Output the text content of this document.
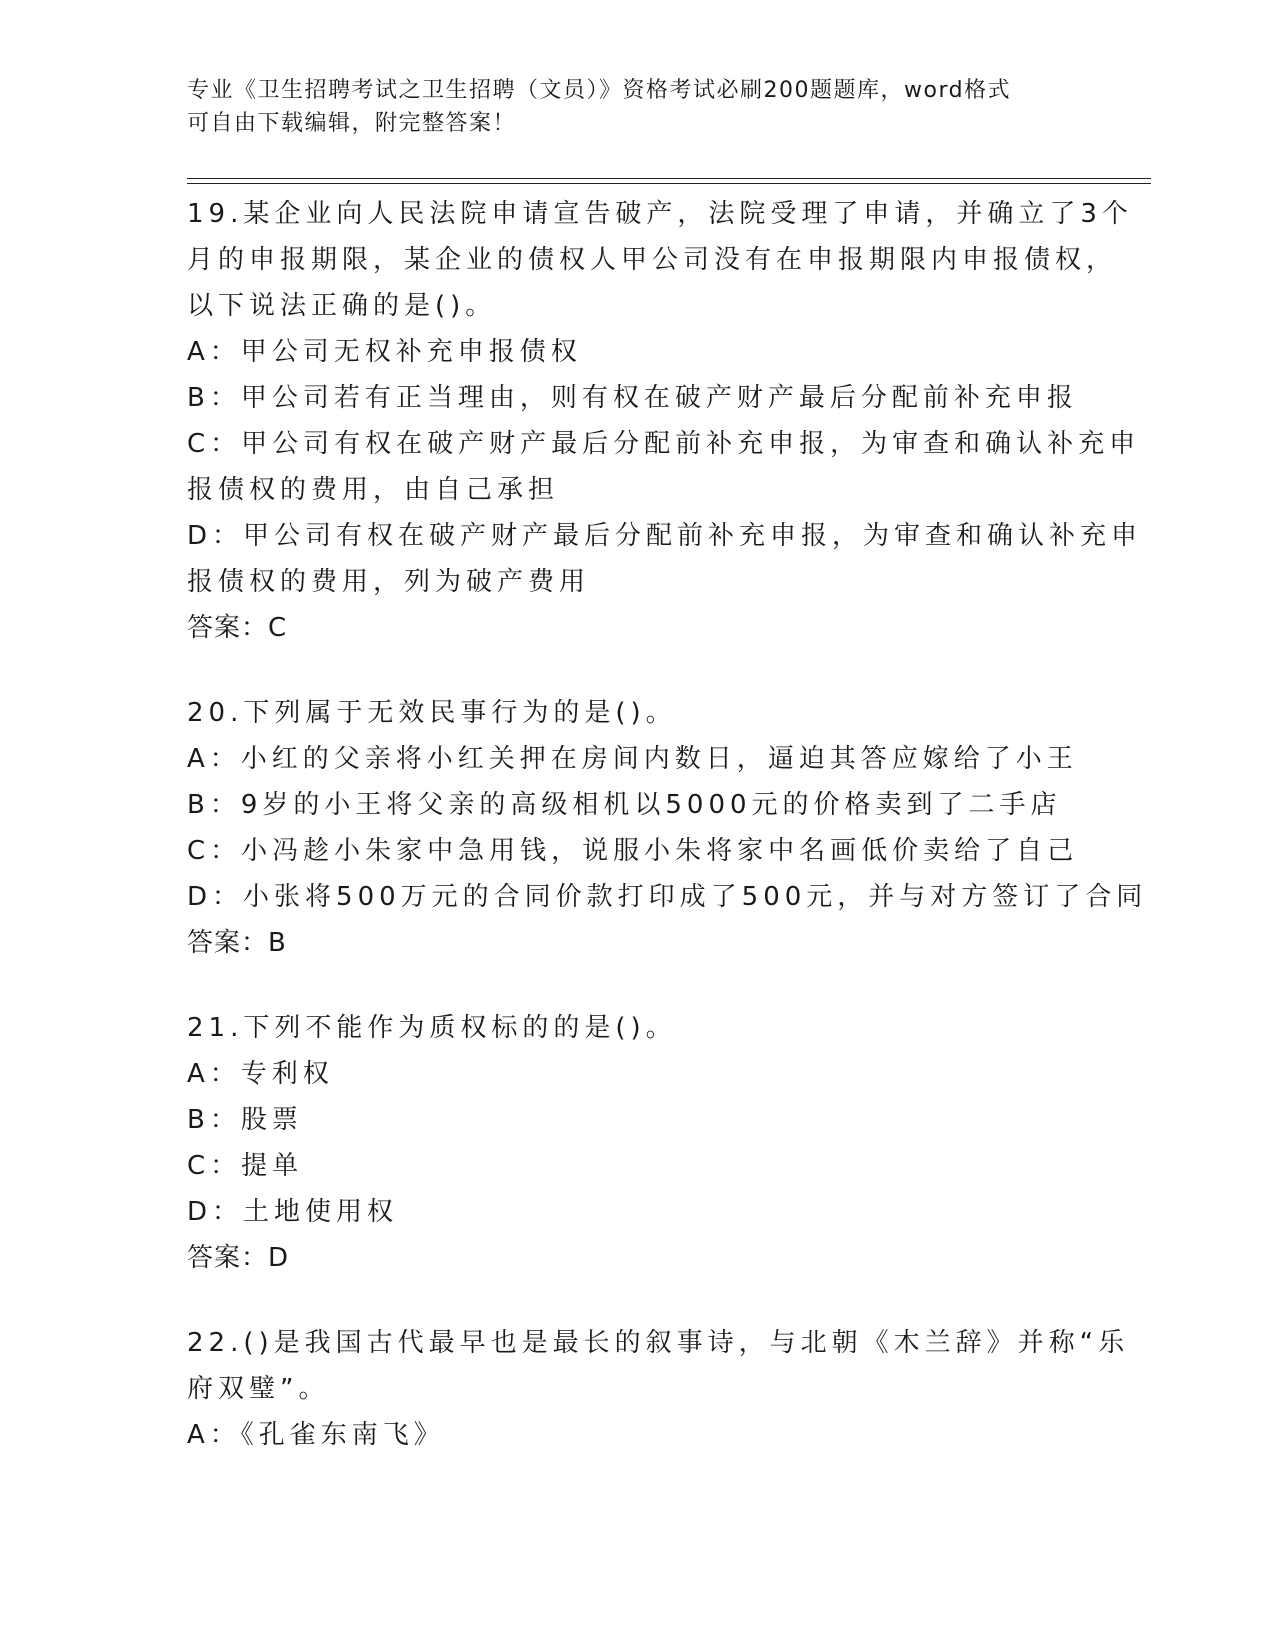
专业《卫生招聘考试之卫生招聘（文员）》资格考试必刷200题题库，word格式
可自由下载编辑，附完整答案！
19.某企业向人民法院申请宣告破产，法院受理了申请，并确立了3个
月的申报期限，某企业的债权人甲公司没有在申报期限内申报债权，
以下说法正确的是()。
A：甲公司无权补充申报债权
B：甲公司若有正当理由，则有权在破产财产最后分配前补充申报
C：甲公司有权在破产财产最后分配前补充申报，为审查和确认补充申
报债权的费用，由自己承担
D：甲公司有权在破产财产最后分配前补充申报，为审查和确认补充申
报债权的费用，列为破产费用
答案：C
20.下列属于无效民事行为的是()。
A：小红的父亲将小红关押在房间内数日，逼迫其答应嫁给了小王
B：9岁的小王将父亲的高级相机以5000元的价格卖到了二手店
C：小冯趁小朱家中急用钱，说服小朱将家中名画低价卖给了自己
D：小张将500万元的合同价款打印成了500元，并与对方签订了合同
答案：B
21.下列不能作为质权标的的是()。
A：专利权
B：股票
C：提单
D：土地使用权
答案：D
22.()是我国古代最早也是最长的叙事诗，与北朝《木兰辞》并称“乐
府双璧”。
A：《孔雀东南飞》
